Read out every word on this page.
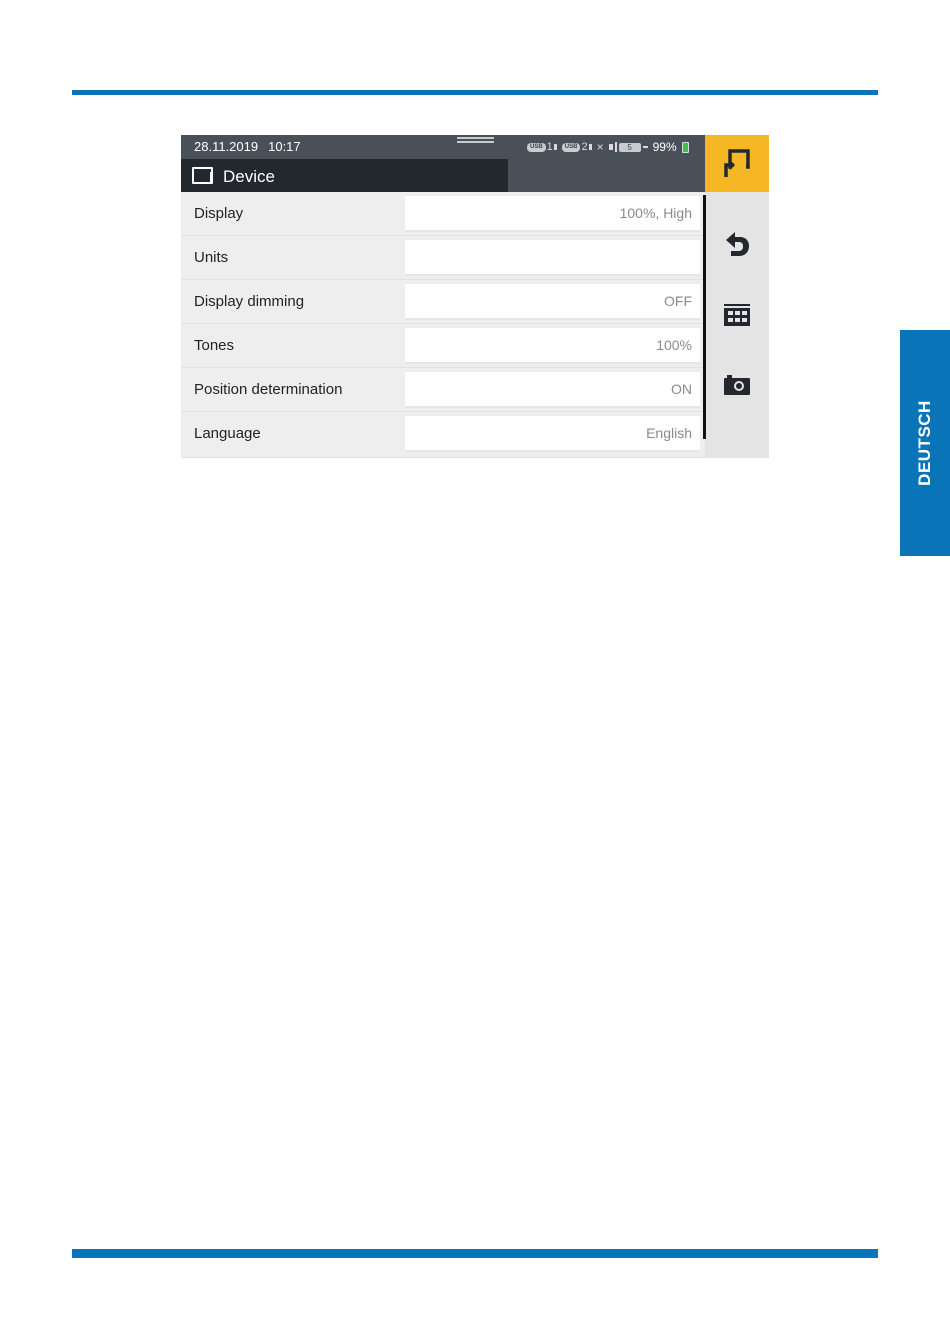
DEUTSCH
28.11.2019 10:17	USB 1 USB 2 ×	5	99%
Device
Display	100%, High
Units
Display dimming	OFF
Tones	100%
Position determination	ON
Language	English
